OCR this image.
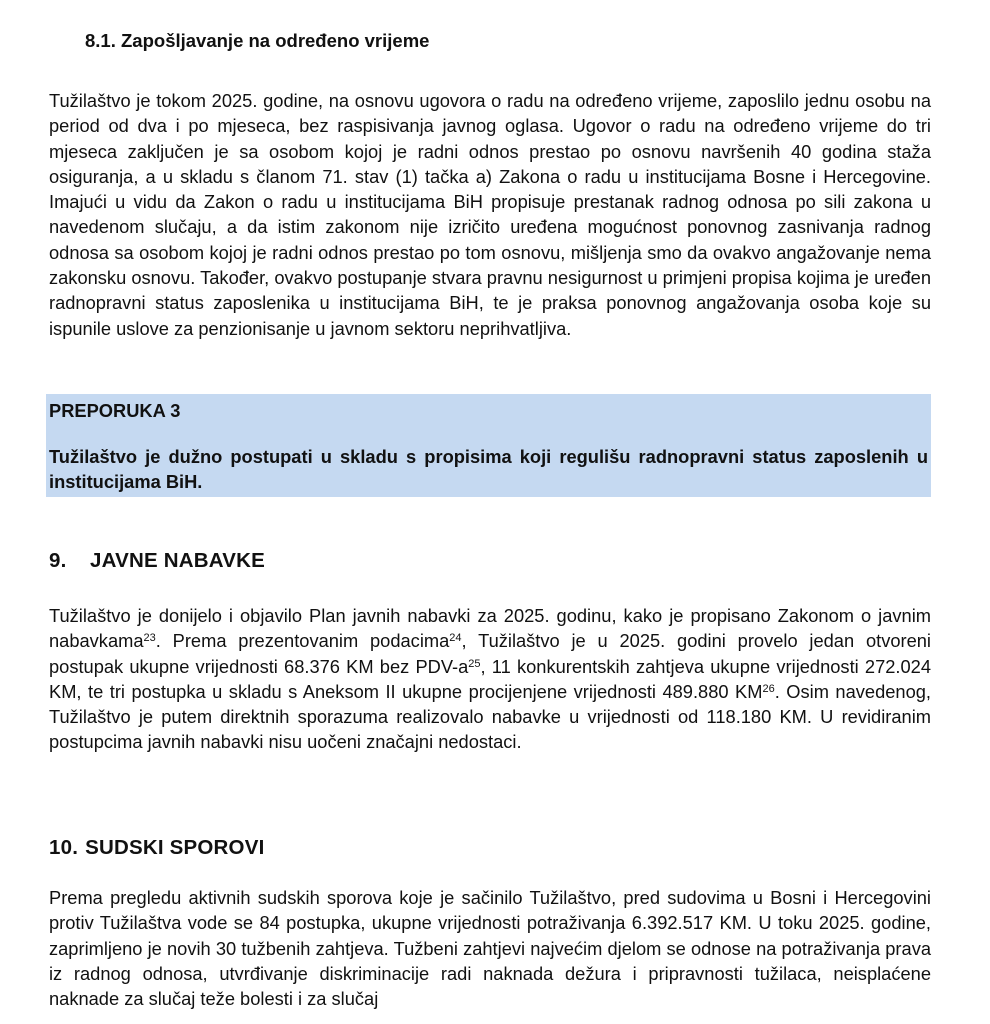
8.1. Zapošljavanje na određeno vrijeme

Tužilaštvo je tokom 2025. godine, na osnovu ugovora o radu na određeno vrijeme, zaposlilo jednu osobu na period od dva i po mjeseca, bez raspisivanja javnog oglasa. Ugovor o radu na određeno vrijeme do tri mjeseca zaključen je sa osobom kojoj je radni odnos prestao po osnovu navršenih 40 godina staža osiguranja, a u skladu s članom 71. stav (1) tačka a) Zakona o radu u institucijama Bosne i Hercegovine. Imajući u vidu da Zakon o radu u institucijama BiH propisuje prestanak radnog odnosa po sili zakona u navedenom slučaju, a da istim zakonom nije izričito uređena mogućnost ponovnog zasnivanja radnog odnosa sa osobom kojoj je radni odnos prestao po tom osnovu, mišljenja smo da ovakvo angažovanje nema zakonsku osnovu. Također, ovakvo postupanje stvara pravnu nesigurnost u primjeni propisa kojima je uređen radnopravni status zaposlenika u institucijama BiH, te je praksa ponovnog angažovanja osoba koje su ispunile uslove za penzionisanje u javnom sektoru neprihvatljiva.

PREPORUKA 3

Tužilaštvo je dužno postupati u skladu s propisima koji regulišu radnopravni status zaposlenih u institucijama BiH.

9. JAVNE NABAVKE

Tužilaštvo je donijelo i objavilo Plan javnih nabavki za 2025. godinu, kako je propisano Zakonom o javnim nabavkama$^{23}$. Prema prezentovanim podacima$^{24}$, Tužilaštvo je u 2025. godini provelo jedan otvoreni postupak ukupne vrijednosti 68.376 KM bez PDV-$a^{25}$, 11 konkurentskih zahtjeva ukupne vrijednosti 272.024 KM, te tri postupka u skladu s Aneksom II ukupne procijenjene vrijednosti 489.880 KM$^{26}$. Osim navedenog, Tužilaštvo je putem direktnih sporazuma realizovalo nabavke u vrijednosti od 118.180 KM. U revidiranim postupcima javnih nabavki nisu uočeni značajni nedostaci.

10. SUDSKI SPOROVI

Prema pregledu aktivnih sudskih sporova koje je sačinilo Tužilaštvo, pred sudovima u Bosni i Hercegovini protiv Tužilaštva vode se 84 postupka, ukupne vrijednosti potraživanja 6.392.517 KM. U toku 2025. godine, zaprimljeno je novih 30 tužbenih zahtjeva. Tužbeni zahtjevi najvećim djelom se odnose na potraživanja prava iz radnog odnosa, utvrđivanje diskriminacije radi naknada dežura i pripravnosti tužilaca, neisplaćene naknade za slučaj teže bolesti i za slučaj
